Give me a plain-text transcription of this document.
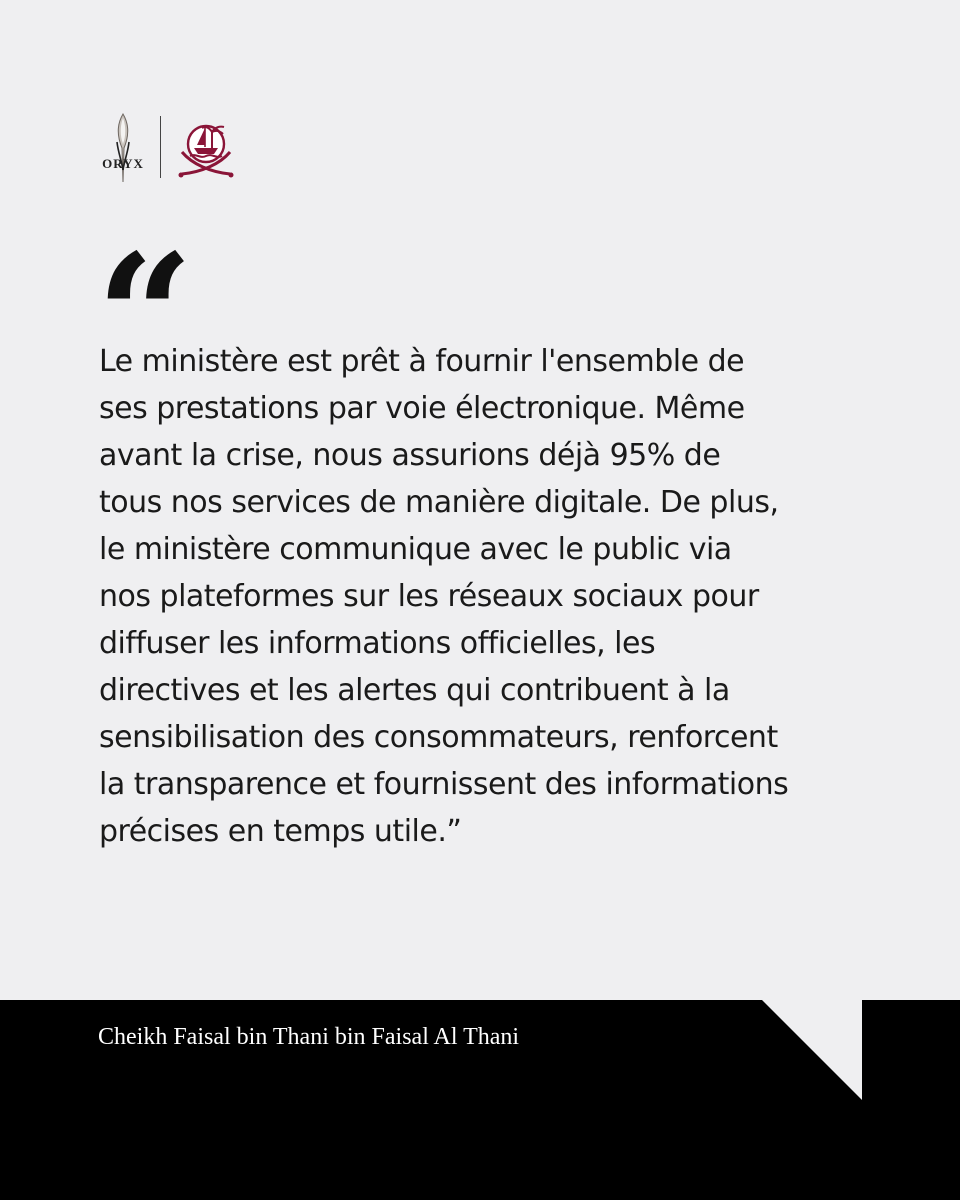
ORYX
“

Le ministère est prêt à fournir l'ensemble de ses prestations par voie électronique. Même avant la crise, nous assurions déjà 95% de tous nos services de manière digitale. De plus, le ministère communique avec le public via nos plateformes sur les réseaux sociaux pour diffuser les informations officielles, les directives et les alertes qui contribuent à la sensibilisation des consommateurs, renforcent la transparence et fournissent des informations précises en temps utile.”

Cheikh Faisal bin Thani bin Faisal Al Thani
